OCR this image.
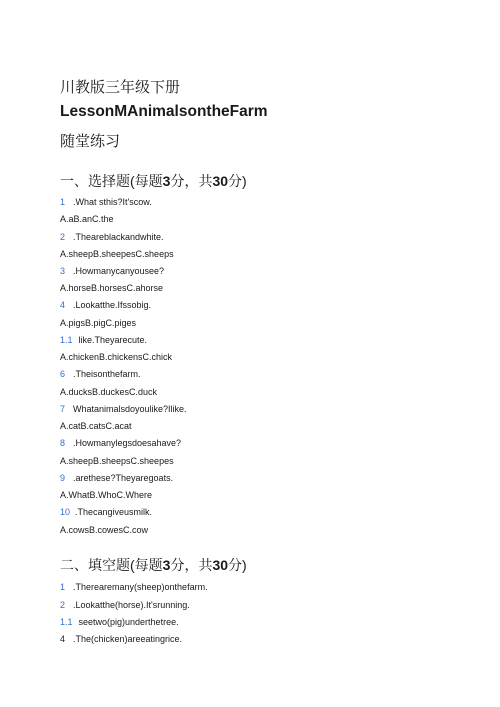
川教版三年级下册
LessonMAnimalsontheFarm
随堂练习
一、选择题(每题3分，共30分)
1 .What sthis?It'scow.
A.aB.anC.the
2 .Theareblackandwhite.
A.sheepB.sheepesC.sheeps
3 .Howmanycanyousee?
A.horseB.horsesC.ahorse
4 .Lookatthe.Ifssobig.
A.pigsB.pigC.piges
1.1 like.Theyarecute.
A.chickenB.chickensC.chick
6 .Theisonthefarm.
A.ducksB.duckesC.duck
7 Whatanimalsdoyoulike?Ilike.
A.catB.catsC.acat
8 .Howmanylegsdoesahave?
A.sheepB.sheepsC.sheepes
9 .arethese?Theyaregoats.
A.WhatB.WhoC.Where
10 .Thecangiveusmilk.
A.cowsB.cowesC.cow
二、填空题(每题3分，共30分)
1 .Therearemany(sheep)onthefarm.
2 .Lookatthe(horse).It'srunning.
1.1 seetwo(pig)underthetree.
4 .The(chicken)areeatingrice.
